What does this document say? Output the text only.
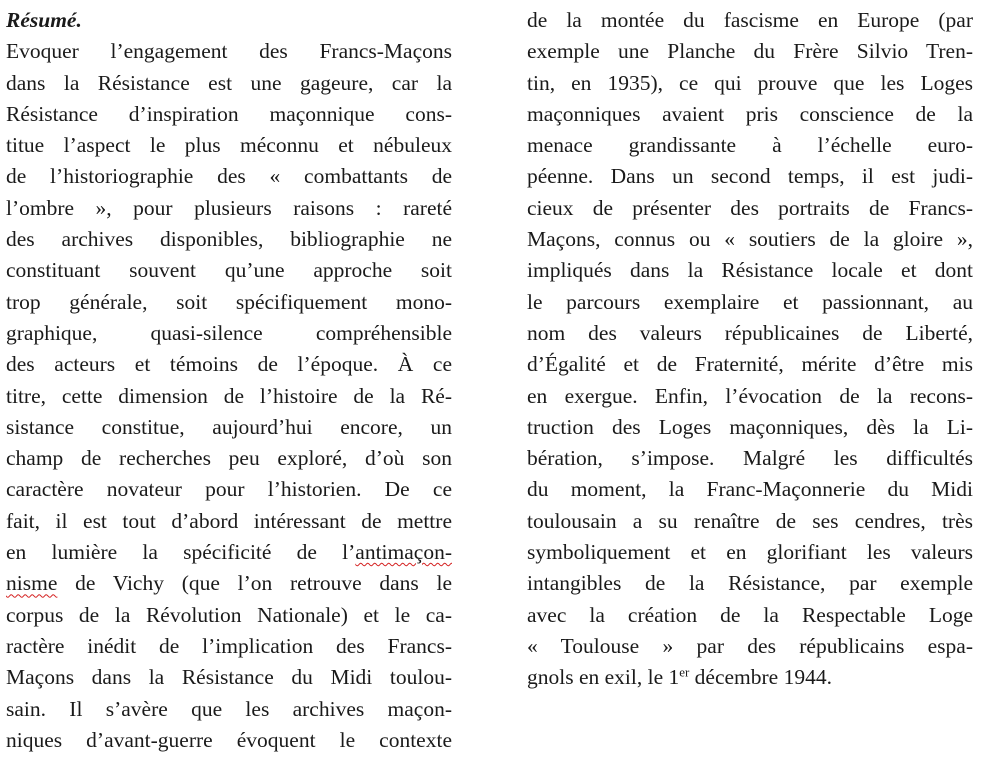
Résumé.
Evoquer l’engagement des Francs-Maçons
dans la Résistance est une gageure, car la
Résistance d’inspiration maçonnique cons-
titue l’aspect le plus méconnu et nébuleux
de l’historiographie des « combattants de
l’ombre », pour plusieurs raisons : rareté
des archives disponibles, bibliographie ne
constituant souvent qu’une approche soit
trop générale, soit spécifiquement mono-
graphique, quasi-silence compréhensible
des acteurs et témoins de l’époque. À ce
titre, cette dimension de l’histoire de la Ré-
sistance constitue, aujourd’hui encore, un
champ de recherches peu exploré, d’où son
caractère novateur pour l’historien. De ce
fait, il est tout d’abord intéressant de mettre
en lumière la spécificité de l’antimaçon-
nisme de Vichy (que l’on retrouve dans le
corpus de la Révolution Nationale) et le ca-
ractère inédit de l’implication des Francs-
Maçons dans la Résistance du Midi toulou-
sain. Il s’avère que les archives maçon-
niques d’avant-guerre évoquent le contexte
de la montée du fascisme en Europe (par
exemple une Planche du Frère Silvio Tren-
tin, en 1935), ce qui prouve que les Loges
maçonniques avaient pris conscience de la
menace grandissante à l’échelle euro-
péenne. Dans un second temps, il est judi-
cieux de présenter des portraits de Francs-
Maçons, connus ou « soutiers de la gloire »,
impliqués dans la Résistance locale et dont
le parcours exemplaire et passionnant, au
nom des valeurs républicaines de Liberté,
d’Égalité et de Fraternité, mérite d’être mis
en exergue. Enfin, l’évocation de la recons-
truction des Loges maçonniques, dès la Li-
bération, s’impose. Malgré les difficultés
du moment, la Franc-Maçonnerie du Midi
toulousain a su renaître de ses cendres, très
symboliquement et en glorifiant les valeurs
intangibles de la Résistance, par exemple
avec la création de la Respectable Loge
« Toulouse » par des républicains espa-
gnols en exil, le 1er décembre 1944.
